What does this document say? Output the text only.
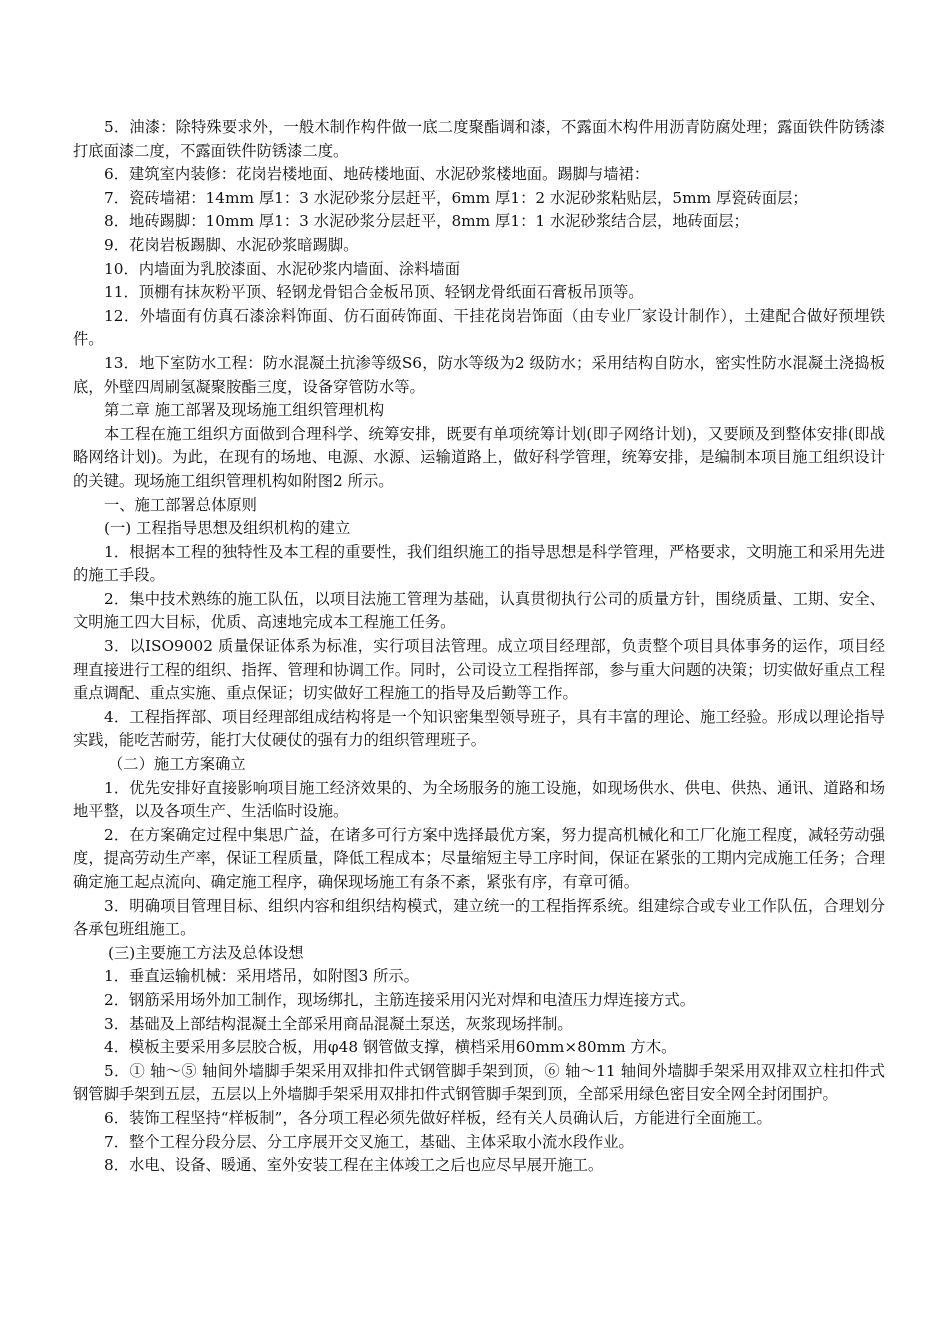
5．油漆：除特殊要求外，一般木制作构件做一底二度聚酯调和漆，不露面木构件用沥青防腐处理；露面铁件防锈漆打底面漆二度，不露面铁件防锈漆二度。

6．建筑室内装修：花岗岩楼地面、地砖楼地面、水泥砂浆楼地面。踢脚与墙裙：

7．瓷砖墙裙：14mm 厚1：3 水泥砂浆分层赶平，6mm 厚1：2 水泥砂浆粘贴层，5mm 厚瓷砖面层；

8．地砖踢脚：10mm 厚1：3 水泥砂浆分层赶平，8mm 厚1：1 水泥砂浆结合层，地砖面层；

9．花岗岩板踢脚、水泥砂浆暗踢脚。

10．内墙面为乳胶漆面、水泥砂浆内墙面、涂料墙面

11．顶棚有抹灰粉平顶、轻钢龙骨铝合金板吊顶、轻钢龙骨纸面石膏板吊顶等。

12．外墙面有仿真石漆涂料饰面、仿石面砖饰面、干挂花岗岩饰面（由专业厂家设计制作），土建配合做好预埋铁件。

13．地下室防水工程：防水混凝土抗渗等级S6，防水等级为2 级防水；采用结构自防水，密实性防水混凝土浇捣板底，外壁四周刷氢凝聚胺酯三度，设备穿管防水等。

第二章 施工部署及现场施工组织管理机构

本工程在施工组织方面做到合理科学、统筹安排，既要有单项统筹计划(即子网络计划)，又要顾及到整体安排(即战略网络计划)。为此，在现有的场地、电源、水源、运输道路上，做好科学管理，统筹安排，是编制本项目施工组织设计的关键。现场施工组织管理机构如附图2 所示。

一、施工部署总体原则

(一) 工程指导思想及组织机构的建立

1．根据本工程的独特性及本工程的重要性，我们组织施工的指导思想是科学管理，严格要求，文明施工和采用先进的施工手段。

2．集中技术熟练的施工队伍，以项目法施工管理为基础，认真贯彻执行公司的质量方针，围绕质量、工期、安全、文明施工四大目标，优质、高速地完成本工程施工任务。

3．以ISO9002 质量保证体系为标准，实行项目法管理。成立项目经理部，负责整个项目具体事务的运作，项目经理直接进行工程的组织、指挥、管理和协调工作。同时，公司设立工程指挥部，参与重大问题的决策；切实做好重点工程重点调配、重点实施、重点保证；切实做好工程施工的指导及后勤等工作。

4．工程指挥部、项目经理部组成结构将是一个知识密集型领导班子，具有丰富的理论、施工经验。形成以理论指导实践，能吃苦耐劳，能打大仗硬仗的强有力的组织管理班子。

（二）施工方案确立

1．优先安排好直接影响项目施工经济效果的、为全场服务的施工设施，如现场供水、供电、供热、通讯、道路和场地平整，以及各项生产、生活临时设施。

2．在方案确定过程中集思广益，在诸多可行方案中选择最优方案，努力提高机械化和工厂化施工程度，减轻劳动强度，提高劳动生产率，保证工程质量，降低工程成本；尽量缩短主导工序时间，保证在紧张的工期内完成施工任务；合理确定施工起点流向、确定施工程序，确保现场施工有条不紊，紧张有序，有章可循。

3．明确项目管理目标、组织内容和组织结构模式，建立统一的工程指挥系统。组建综合或专业工作队伍，合理划分各承包班组施工。

(三)主要施工方法及总体设想

1．垂直运输机械：采用塔吊，如附图3 所示。

2．钢筋采用场外加工制作，现场绑扎，主筋连接采用闪光对焊和电渣压力焊连接方式。

3．基础及上部结构混凝土全部采用商品混凝土泵送，灰浆现场拌制。

4．模板主要采用多层胶合板，用φ48 钢管做支撑，横档采用60mm×80mm 方木。

5．① 轴～⑤ 轴间外墙脚手架采用双排扣件式钢管脚手架到顶，⑥ 轴～11 轴间外墙脚手架采用双排双立柱扣件式钢管脚手架到五层，五层以上外墙脚手架采用双排扣件式钢管脚手架到顶，全部采用绿色密目安全网全封闭围护。

6．装饰工程坚持“样板制”，各分项工程必须先做好样板，经有关人员确认后，方能进行全面施工。

7．整个工程分段分层、分工序展开交叉施工，基础、主体采取小流水段作业。

8．水电、设备、暖通、室外安装工程在主体竣工之后也应尽早展开施工。
